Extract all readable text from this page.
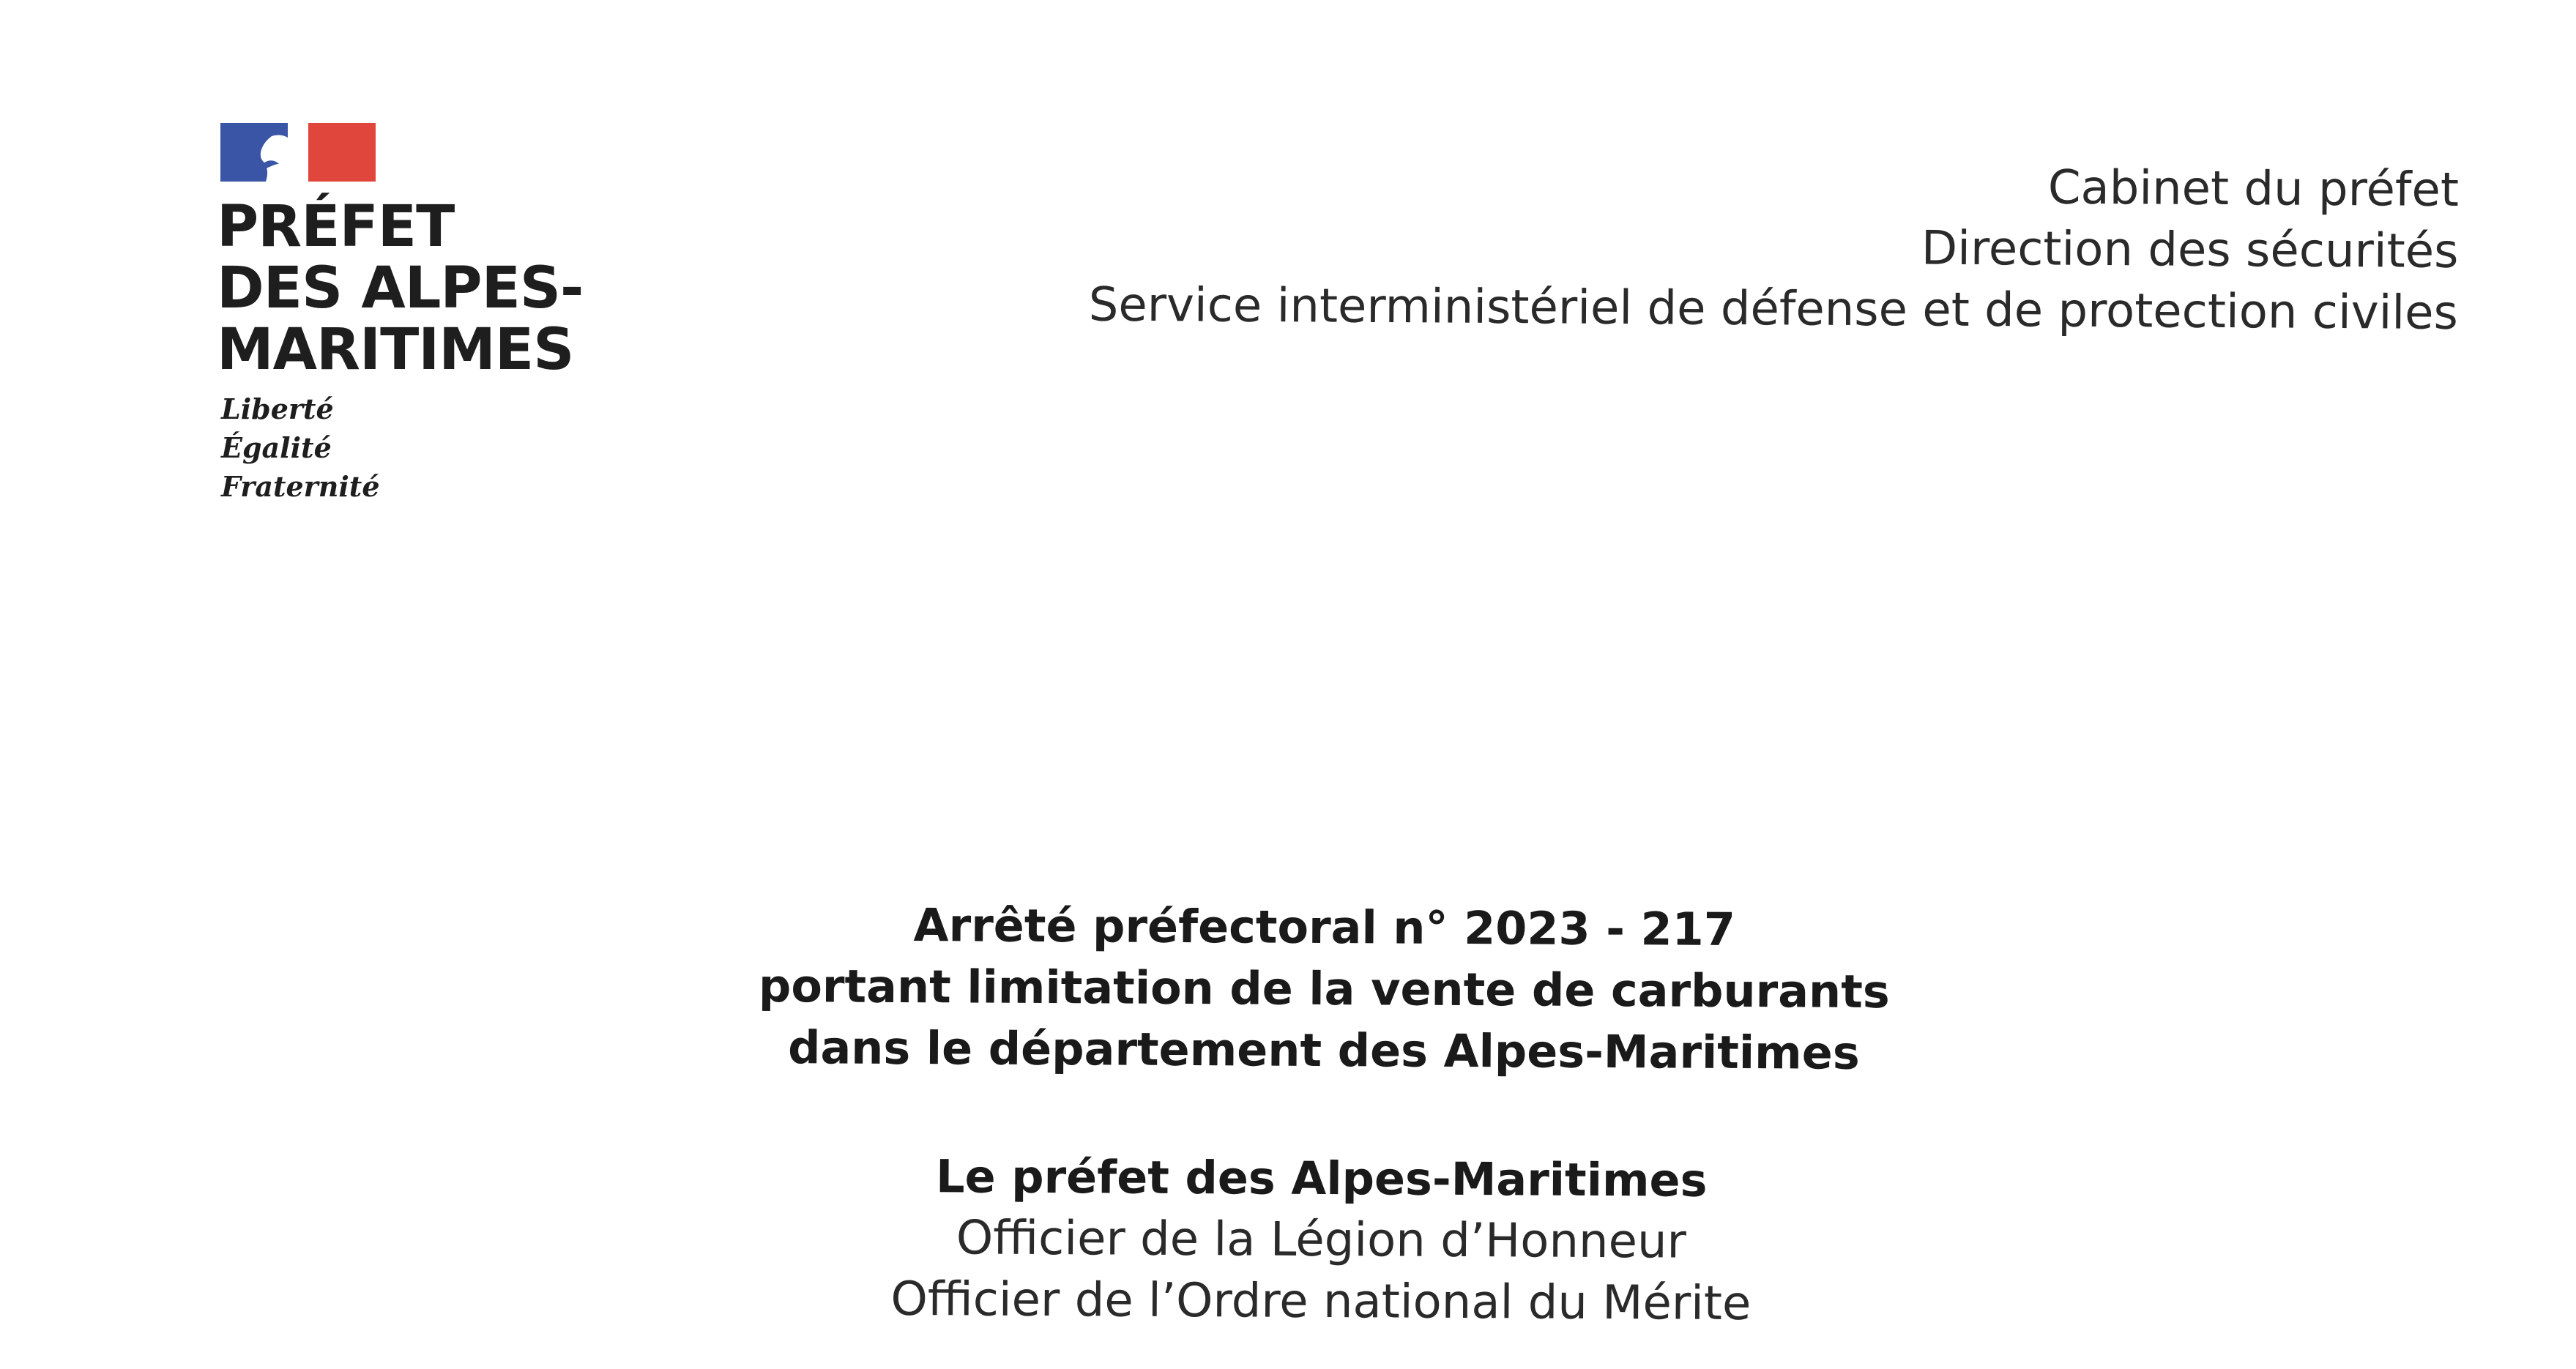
PRÉFET
DES ALPES-
MARITIMES
Liberté
Égalité
Fraternité
Cabinet du préfet
Direction des sécurités
Service interministériel de défense et de protection civiles
Arrêté préfectoral n° 2023 - 217
portant limitation de la vente de carburants
dans le département des Alpes-Maritimes
Le préfet des Alpes-Maritimes
Officier de la Légion d’Honneur
Officier de l’Ordre national du Mérite
